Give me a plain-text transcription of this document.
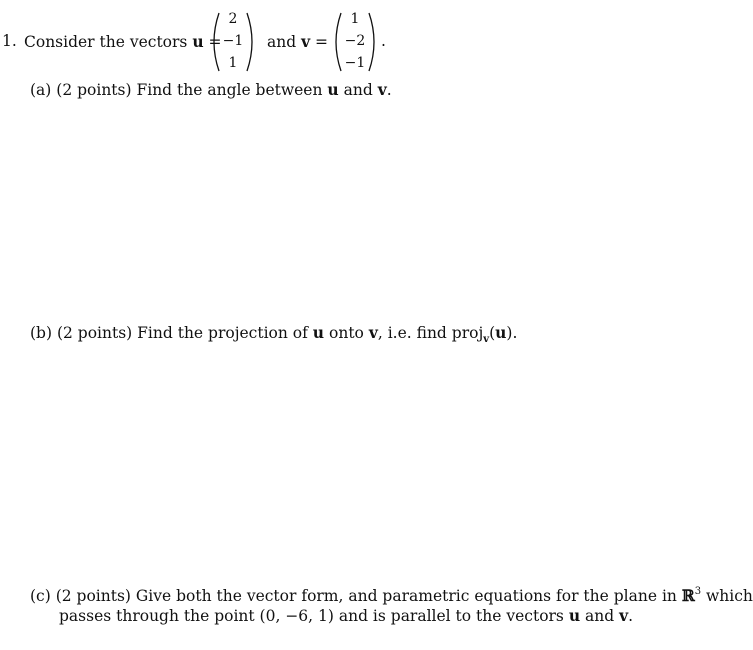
1. Consider the vectors u =
2
−1
1
and v =
1
−2
−1
.
(a) (2 points) Find the angle between u and v.
(b) (2 points) Find the projection of u onto v, i.e. find proj$_v$(u).
(c) (2 points) Give both the vector form, and parametric equations for the plane in ℝ$^3$ which
passes through the point (0, −6, 1) and is parallel to the vectors u and v.
